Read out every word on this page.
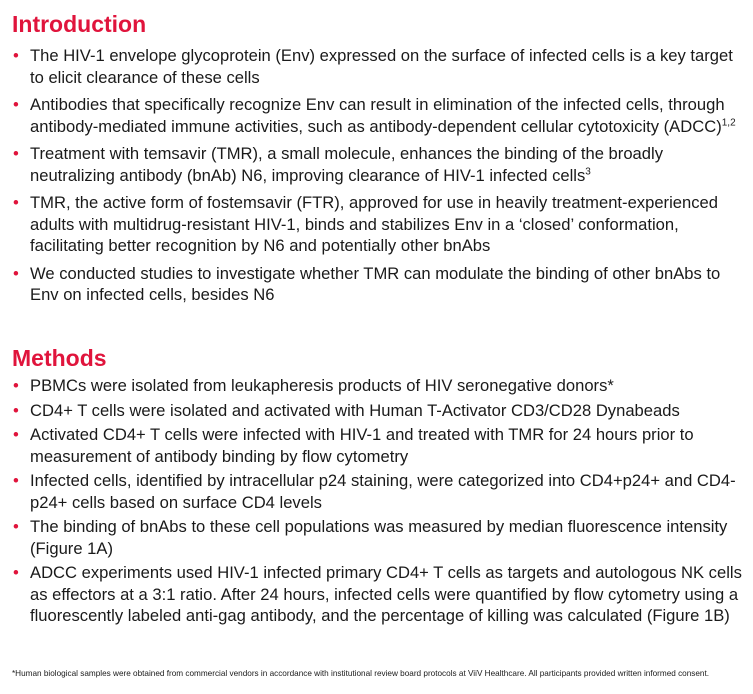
Introduction
• The HIV-1 envelope glycoprotein (Env) expressed on the surface of infected cells is a key target to elicit clearance of these cells
• Antibodies that specifically recognize Env can result in elimination of the infected cells, through antibody-mediated immune activities, such as antibody-dependent cellular cytotoxicity (ADCC)$^{1,2}$
• Treatment with temsavir (TMR), a small molecule, enhances the binding of the broadly neutralizing antibody (bnAb) N6, improving clearance of HIV-1 infected cells$^3$
• TMR, the active form of fostemsavir (FTR), approved for use in heavily treatment-experienced adults with multidrug-resistant HIV-1, binds and stabilizes Env in a ‘closed’ conformation, facilitating better recognition by N6 and potentially other bnAbs
• We conducted studies to investigate whether TMR can modulate the binding of other bnAbs to Env on infected cells, besides N6
Methods
• PBMCs were isolated from leukapheresis products of HIV seronegative donors*
• CD4+ T cells were isolated and activated with Human T-Activator CD3/CD28 Dynabeads
• Activated CD4+ T cells were infected with HIV-1 and treated with TMR for 24 hours prior to measurement of antibody binding by flow cytometry
• Infected cells, identified by intracellular p24 staining, were categorized into CD4+p24+ and CD4-p24+ cells based on surface CD4 levels
• The binding of bnAbs to these cell populations was measured by median fluorescence intensity (Figure 1A)
• ADCC experiments used HIV-1 infected primary CD4+ T cells as targets and autologous NK cells as effectors at a 3:1 ratio. After 24 hours, infected cells were quantified by flow cytometry using a fluorescently labeled anti-gag antibody, and the percentage of killing was calculated (Figure 1B)

*Human biological samples were obtained from commercial vendors in accordance with institutional review board protocols at ViiV Healthcare. All participants provided written informed consent.
